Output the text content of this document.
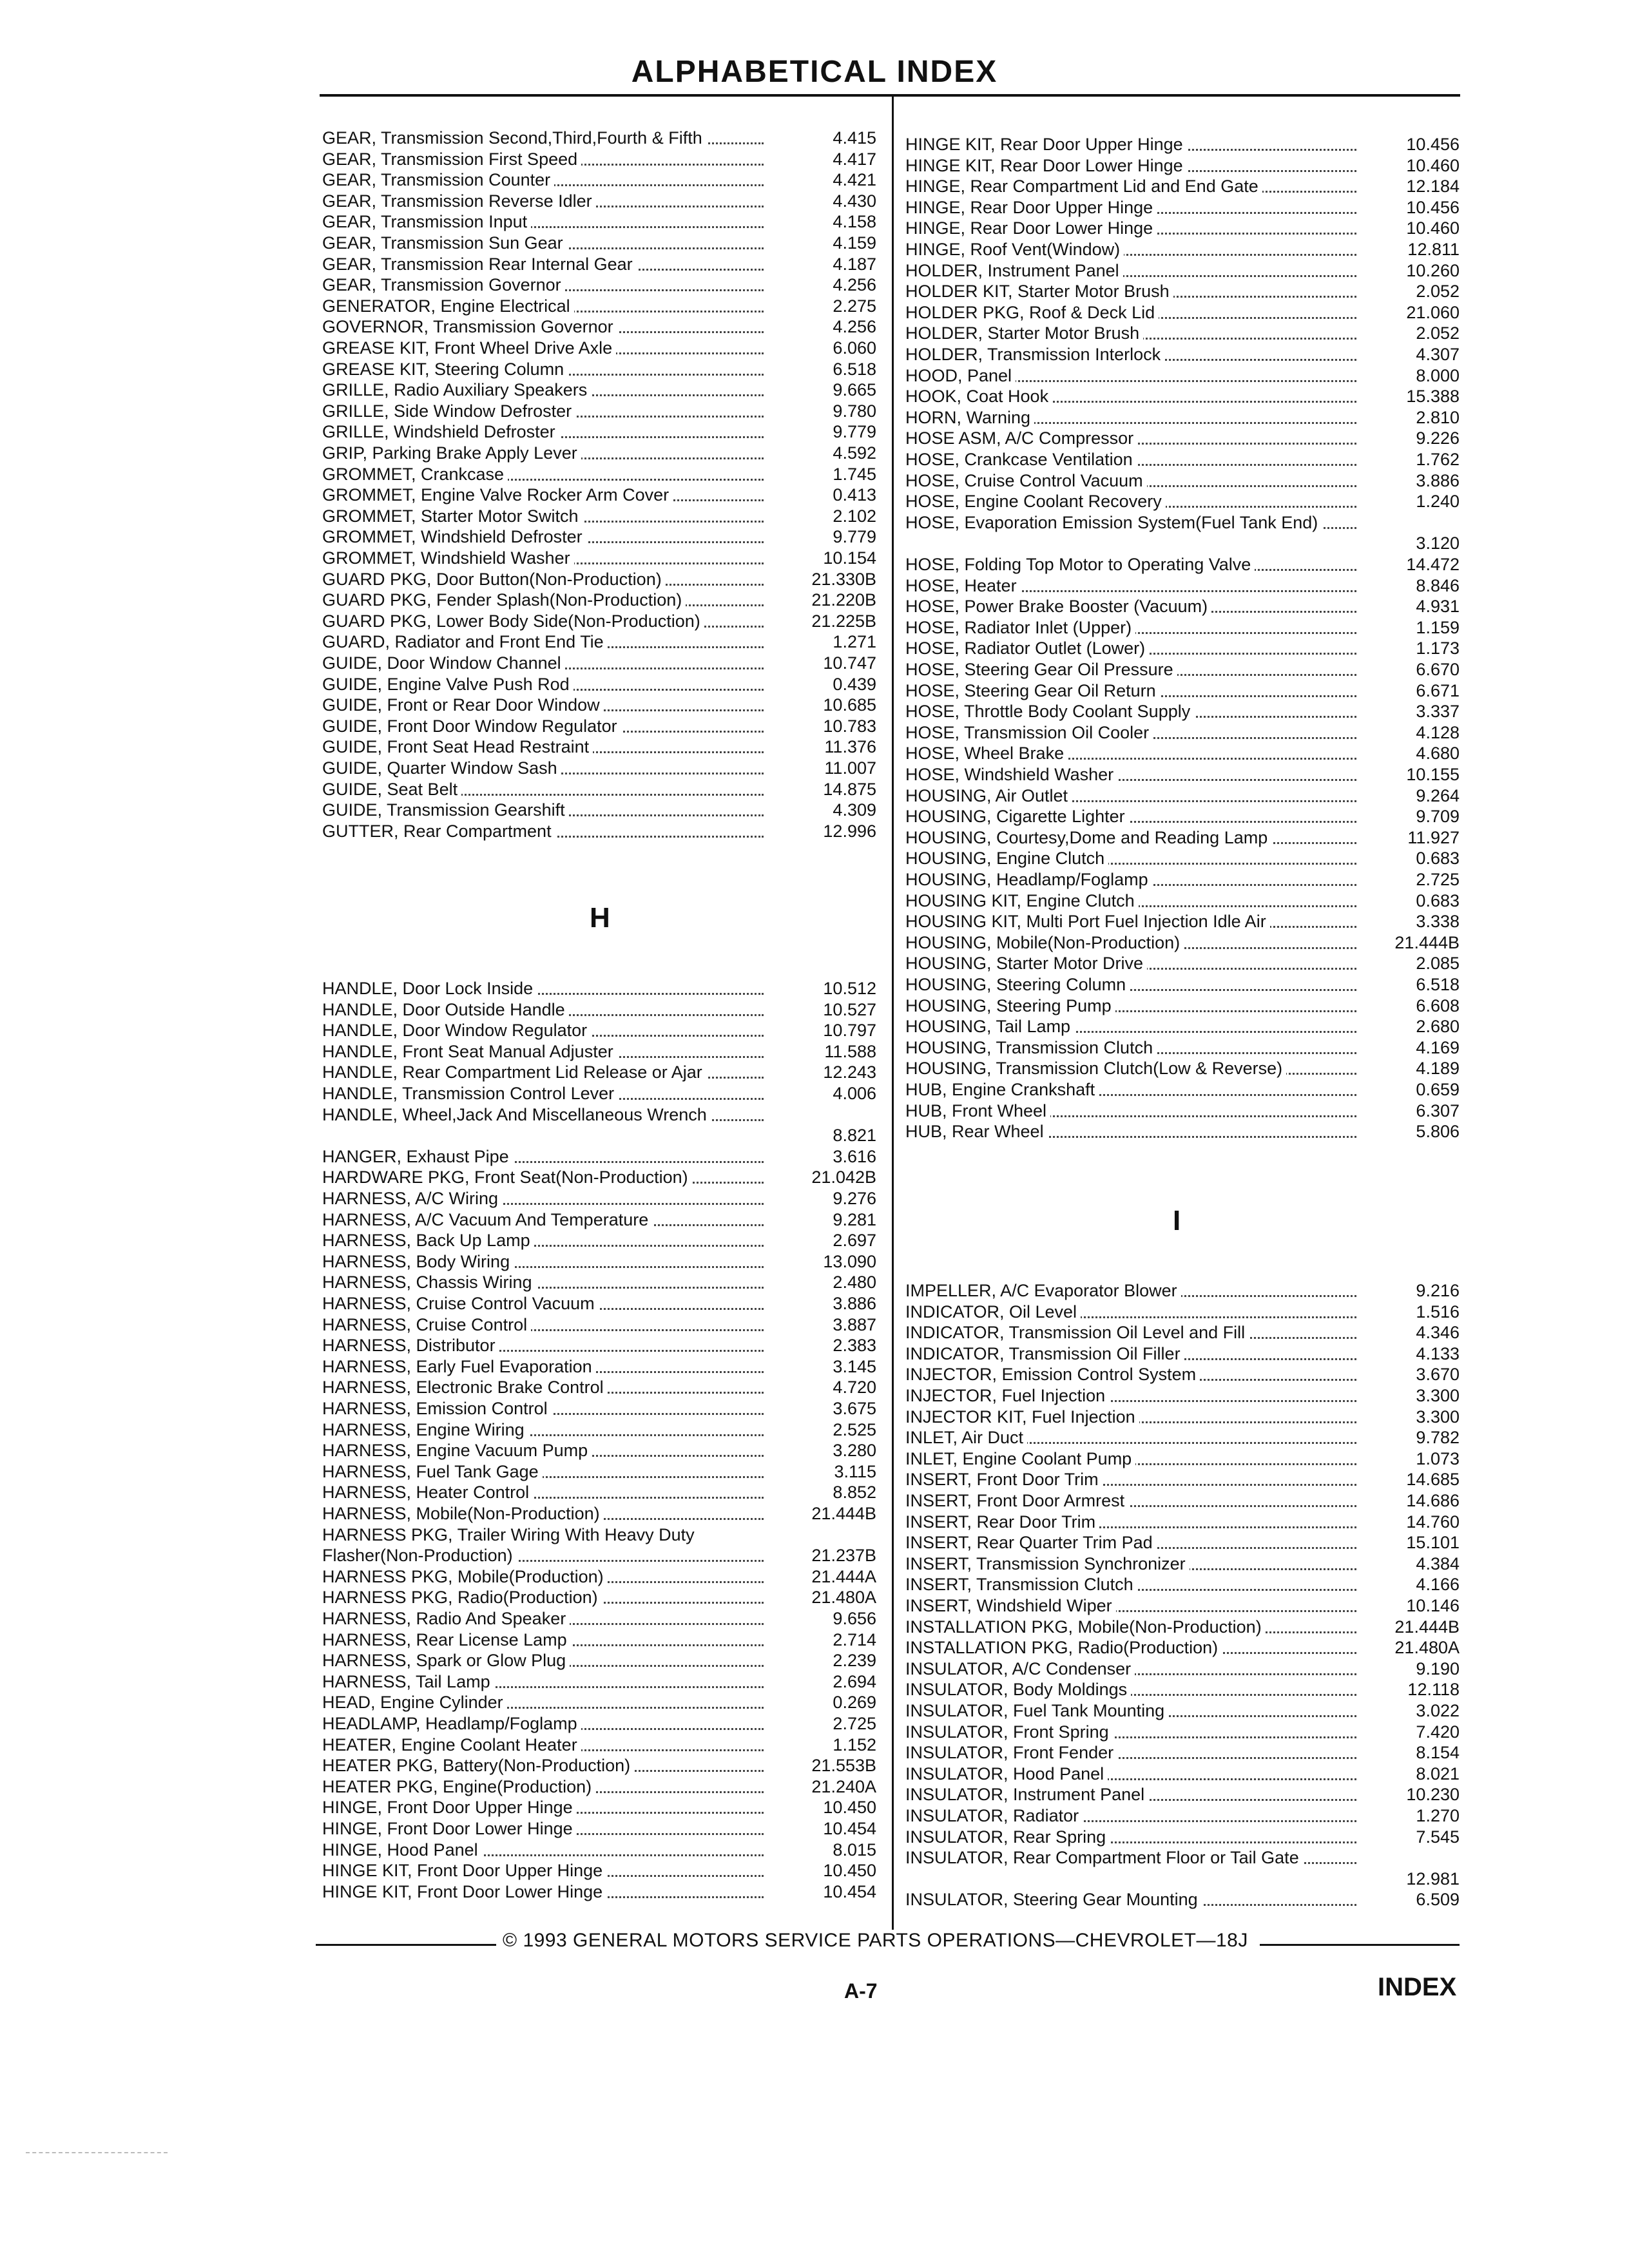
ALPHABETICAL INDEX
GEAR, Transmission Second,Third,Fourth & Fifth	4.415
GEAR, Transmission First Speed	4.417
GEAR, Transmission Counter	4.421
GEAR, Transmission Reverse Idler	4.430
GEAR, Transmission Input	4.158
GEAR, Transmission Sun Gear	4.159
GEAR, Transmission Rear Internal Gear	4.187
GEAR, Transmission Governor	4.256
GENERATOR, Engine Electrical	2.275
GOVERNOR, Transmission Governor	4.256
GREASE KIT, Front Wheel Drive Axle	6.060
GREASE KIT, Steering Column	6.518
GRILLE, Radio Auxiliary Speakers	9.665
GRILLE, Side Window Defroster	9.780
GRILLE, Windshield Defroster	9.779
GRIP, Parking Brake Apply Lever	4.592
GROMMET, Crankcase	1.745
GROMMET, Engine Valve Rocker Arm Cover	0.413
GROMMET, Starter Motor Switch	2.102
GROMMET, Windshield Defroster	9.779
GROMMET, Windshield Washer	10.154
GUARD PKG, Door Button(Non-Production)	21.330B
GUARD PKG, Fender Splash(Non-Production)	21.220B
GUARD PKG, Lower Body Side(Non-Production)	21.225B
GUARD, Radiator and Front End Tie	1.271
GUIDE, Door Window Channel	10.747
GUIDE, Engine Valve Push Rod	0.439
GUIDE, Front or Rear Door Window	10.685
GUIDE, Front Door Window Regulator	10.783
GUIDE, Front Seat Head Restraint	11.376
GUIDE, Quarter Window Sash	11.007
GUIDE, Seat Belt	14.875
GUIDE, Transmission Gearshift	4.309
GUTTER, Rear Compartment	12.996
H
HANDLE, Door Lock Inside	10.512
HANDLE, Door Outside Handle	10.527
HANDLE, Door Window Regulator	10.797
HANDLE, Front Seat Manual Adjuster	11.588
HANDLE, Rear Compartment Lid Release or Ajar	12.243
HANDLE, Transmission Control Lever	4.006
HANDLE, Wheel,Jack And Miscellaneous Wrench
8.821
HANGER, Exhaust Pipe	3.616
HARDWARE PKG, Front Seat(Non-Production)	21.042B
HARNESS, A/C Wiring	9.276
HARNESS, A/C Vacuum And Temperature	9.281
HARNESS, Back Up Lamp	2.697
HARNESS, Body Wiring	13.090
HARNESS, Chassis Wiring	2.480
HARNESS, Cruise Control Vacuum	3.886
HARNESS, Cruise Control	3.887
HARNESS, Distributor	2.383
HARNESS, Early Fuel Evaporation	3.145
HARNESS, Electronic Brake Control	4.720
HARNESS, Emission Control	3.675
HARNESS, Engine Wiring	2.525
HARNESS, Engine Vacuum Pump	3.280
HARNESS, Fuel Tank Gage	3.115
HARNESS, Heater Control	8.852
HARNESS, Mobile(Non-Production)	21.444B
HARNESS PKG, Trailer Wiring With Heavy Duty Flasher(Non-Production)	21.237B
HARNESS PKG, Mobile(Production)	21.444A
HARNESS PKG, Radio(Production)	21.480A
HARNESS, Radio And Speaker	9.656
HARNESS, Rear License Lamp	2.714
HARNESS, Spark or Glow Plug	2.239
HARNESS, Tail Lamp	2.694
HEAD, Engine Cylinder	0.269
HEADLAMP, Headlamp/Foglamp	2.725
HEATER, Engine Coolant Heater	1.152
HEATER PKG, Battery(Non-Production)	21.553B
HEATER PKG, Engine(Production)	21.240A
HINGE, Front Door Upper Hinge	10.450
HINGE, Front Door Lower Hinge	10.454
HINGE, Hood Panel	8.015
HINGE KIT, Front Door Upper Hinge	10.450
HINGE KIT, Front Door Lower Hinge	10.454
HINGE KIT, Rear Door Upper Hinge	10.456
HINGE KIT, Rear Door Lower Hinge	10.460
HINGE, Rear Compartment Lid and End Gate	12.184
HINGE, Rear Door Upper Hinge	10.456
HINGE, Rear Door Lower Hinge	10.460
HINGE, Roof Vent(Window)	12.811
HOLDER, Instrument Panel	10.260
HOLDER KIT, Starter Motor Brush	2.052
HOLDER PKG, Roof & Deck Lid	21.060
HOLDER, Starter Motor Brush	2.052
HOLDER, Transmission Interlock	4.307
HOOD, Panel	8.000
HOOK, Coat Hook	15.388
HORN, Warning	2.810
HOSE ASM, A/C Compressor	9.226
HOSE, Crankcase Ventilation	1.762
HOSE, Cruise Control Vacuum	3.886
HOSE, Engine Coolant Recovery	1.240
HOSE, Evaporation Emission System(Fuel Tank End)
3.120
HOSE, Folding Top Motor to Operating Valve	14.472
HOSE, Heater	8.846
HOSE, Power Brake Booster (Vacuum)	4.931
HOSE, Radiator Inlet (Upper)	1.159
HOSE, Radiator Outlet (Lower)	1.173
HOSE, Steering Gear Oil Pressure	6.670
HOSE, Steering Gear Oil Return	6.671
HOSE, Throttle Body Coolant Supply	3.337
HOSE, Transmission Oil Cooler	4.128
HOSE, Wheel Brake	4.680
HOSE, Windshield Washer	10.155
HOUSING, Air Outlet	9.264
HOUSING, Cigarette Lighter	9.709
HOUSING, Courtesy,Dome and Reading Lamp	11.927
HOUSING, Engine Clutch	0.683
HOUSING, Headlamp/Foglamp	2.725
HOUSING KIT, Engine Clutch	0.683
HOUSING KIT, Multi Port Fuel Injection Idle Air	3.338
HOUSING, Mobile(Non-Production)	21.444B
HOUSING, Starter Motor Drive	2.085
HOUSING, Steering Column	6.518
HOUSING, Steering Pump	6.608
HOUSING, Tail Lamp	2.680
HOUSING, Transmission Clutch	4.169
HOUSING, Transmission Clutch(Low & Reverse)	4.189
HUB, Engine Crankshaft	0.659
HUB, Front Wheel	6.307
HUB, Rear Wheel	5.806
I
IMPELLER, A/C Evaporator Blower	9.216
INDICATOR, Oil Level	1.516
INDICATOR, Transmission Oil Level and Fill	4.346
INDICATOR, Transmission Oil Filler	4.133
INJECTOR, Emission Control System	3.670
INJECTOR, Fuel Injection	3.300
INJECTOR KIT, Fuel Injection	3.300
INLET, Air Duct	9.782
INLET, Engine Coolant Pump	1.073
INSERT, Front Door Trim	14.685
INSERT, Front Door Armrest	14.686
INSERT, Rear Door Trim	14.760
INSERT, Rear Quarter Trim Pad	15.101
INSERT, Transmission Synchronizer	4.384
INSERT, Transmission Clutch	4.166
INSERT, Windshield Wiper	10.146
INSTALLATION PKG, Mobile(Non-Production)	21.444B
INSTALLATION PKG, Radio(Production)	21.480A
INSULATOR, A/C Condenser	9.190
INSULATOR, Body Moldings	12.118
INSULATOR, Fuel Tank Mounting	3.022
INSULATOR, Front Spring	7.420
INSULATOR, Front Fender	8.154
INSULATOR, Hood Panel	8.021
INSULATOR, Instrument Panel	10.230
INSULATOR, Radiator	1.270
INSULATOR, Rear Spring	7.545
INSULATOR, Rear Compartment Floor or Tail Gate
12.981
INSULATOR, Steering Gear Mounting	6.509
© 1993 GENERAL MOTORS SERVICE PARTS OPERATIONS—CHEVROLET—18J
A-7	INDEX
